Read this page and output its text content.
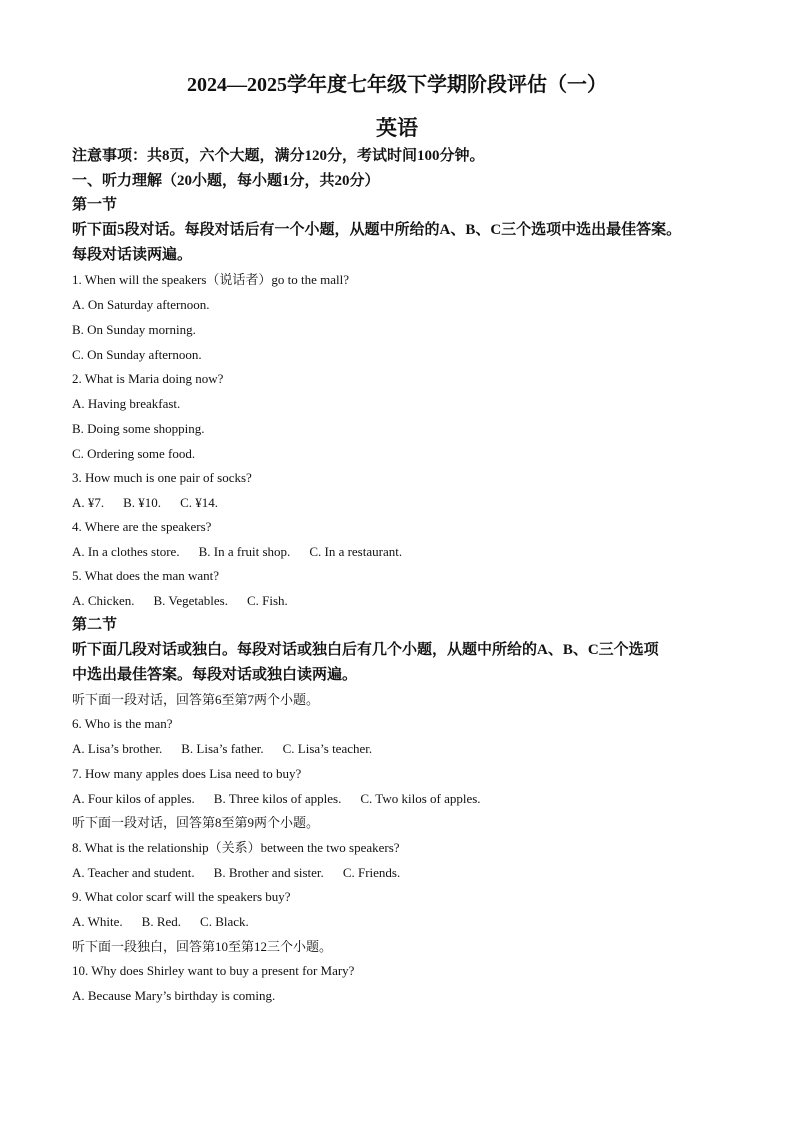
2024—2025学年度七年级下学期阶段评估（一）
英语
注意事项：共8页，六个大题，满分120分，考试时间100分钟。
一、听力理解（20小题，每小题1分，共20分）
第一节
听下面5段对话。每段对话后有一个小题，从题中所给的A、B、C三个选项中选出最佳答案。
每段对话读两遍。
1. When will the speakers（说话者）go to the mall?
A. On Saturday afternoon.
B. On Sunday morning.
C. On Sunday afternoon.
2. What is Maria doing now?
A. Having breakfast.
B. Doing some shopping.
C. Ordering some food.
3. How much is one pair of socks?
A. ¥7. B. ¥10. C. ¥14.
4. Where are the speakers?
A. In a clothes store. B. In a fruit shop. C. In a restaurant.
5. What does the man want?
A. Chicken. B. Vegetables. C. Fish.
第二节
听下面几段对话或独白。每段对话或独白后有几个小题，从题中所给的A、B、C三个选项
中选出最佳答案。每段对话或独白读两遍。
听下面一段对话，回答第6至第7两个小题。
6. Who is the man?
A. Lisa’s brother. B. Lisa’s father. C. Lisa’s teacher.
7. How many apples does Lisa need to buy?
A. Four kilos of apples. B. Three kilos of apples. C. Two kilos of apples.
听下面一段对话，回答第8至第9两个小题。
8. What is the relationship（关系）between the two speakers?
A. Teacher and student. B. Brother and sister. C. Friends.
9. What color scarf will the speakers buy?
A. White. B. Red. C. Black.
听下面一段独白，回答第10至第12三个小题。
10. Why does Shirley want to buy a present for Mary?
A. Because Mary’s birthday is coming.
